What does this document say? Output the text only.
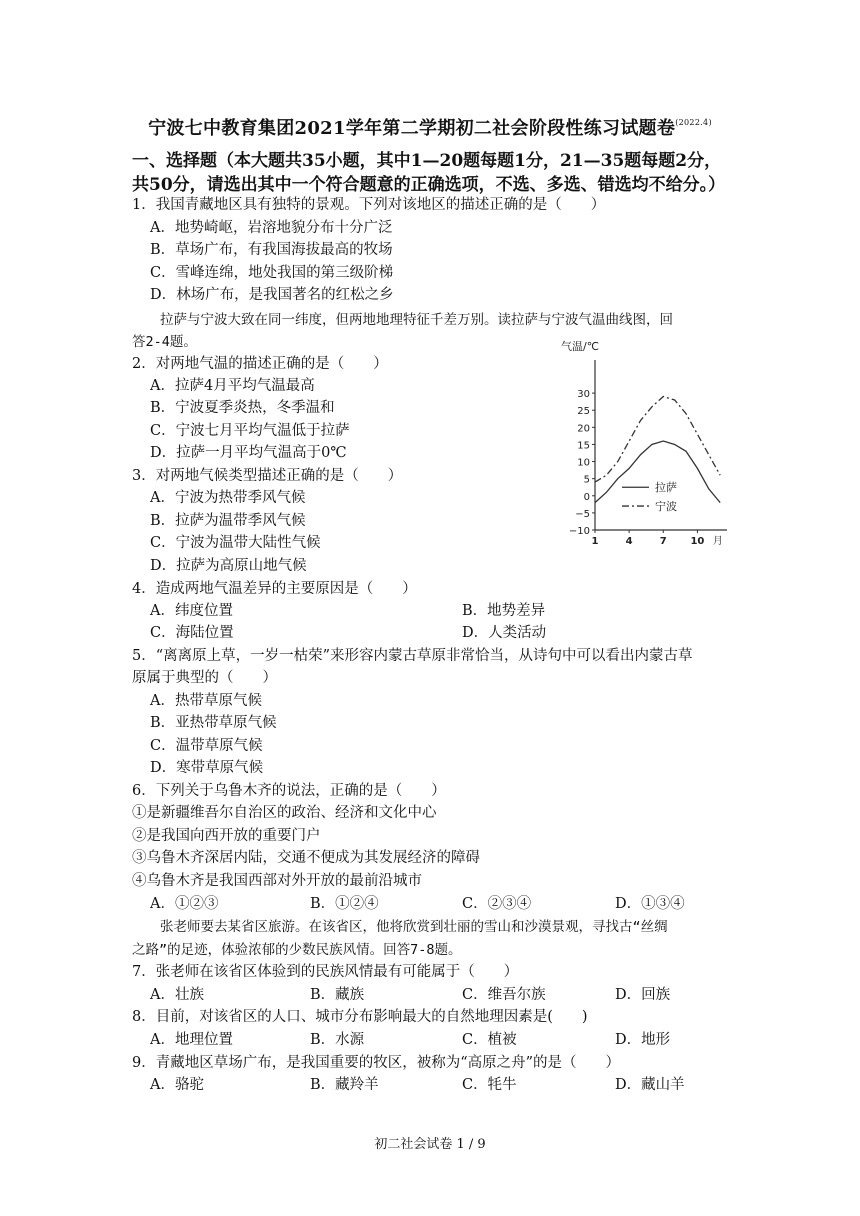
宁波七中教育集团2021学年第二学期初二社会阶段性练习试题卷$^{(2022.4)}$
一、选择题（本大题共35小题，其中1—20题每题1分，21—35题每题2分，
共50分，请选出其中一个符合题意的正确选项，不选、多选、错选均不给分。）
1．我国青藏地区具有独特的景观。下列对该地区的描述正确的是（　　）
A．地势崎岖，岩溶地貌分布十分广泛
B．草场广布，有我国海拔最高的牧场
C．雪峰连绵，地处我国的第三级阶梯
D．林场广布，是我国著名的红松之乡
拉萨与宁波大致在同一纬度，但两地地理特征千差万别。读拉萨与宁波气温曲线图，回
答2-4题。
2．对两地气温的描述正确的是（　　）
A．拉萨4月平均气温最高
B．宁波夏季炎热，冬季温和
C．宁波七月平均气温低于拉萨
D．拉萨一月平均气温高于0℃
3．对两地气候类型描述正确的是（　　）
A．宁波为热带季风气候
B．拉萨为温带季风气候
C．宁波为温带大陆性气候
D．拉萨为高原山地气候
4．造成两地气温差异的主要原因是（　　）
A．纬度位置	B．地势差异
C．海陆位置	D．人类活动
5．“离离原上草，一岁一枯荣”来形容内蒙古草原非常恰当，从诗句中可以看出内蒙古草
原属于典型的（　　）
A．热带草原气候
B．亚热带草原气候
C．温带草原气候
D．寒带草原气候
6．下列关于乌鲁木齐的说法，正确的是（　　）
①是新疆维吾尔自治区的政治、经济和文化中心
②是我国向西开放的重要门户
③乌鲁木齐深居内陆，交通不便成为其发展经济的障碍
④乌鲁木齐是我国西部对外开放的最前沿城市
A．①②③	B．①②④	C．②③④	D．①③④
张老师要去某省区旅游。在该省区，他将欣赏到壮丽的雪山和沙漠景观，寻找古“丝绸
之路”的足迹，体验浓郁的少数民族风情。回答7-8题。
7．张老师在该省区体验到的民族风情最有可能属于（　　）
A．壮族	B．藏族	C．维吾尔族	D．回族
8．目前，对该省区的人口、城市分布影响最大的自然地理因素是(　　)
A．地理位置	B．水源	C．植被	D．地形
9．青藏地区草场广布，是我国重要的牧区，被称为“高原之舟”的是（　　）
A．骆驼	B．藏羚羊	C．牦牛	D．藏山羊
气温/℃
30
25
20
15
10
5
0
−5
−10
1	4	7 10 月
拉萨
宁波
初二社会试卷 1 / 9
